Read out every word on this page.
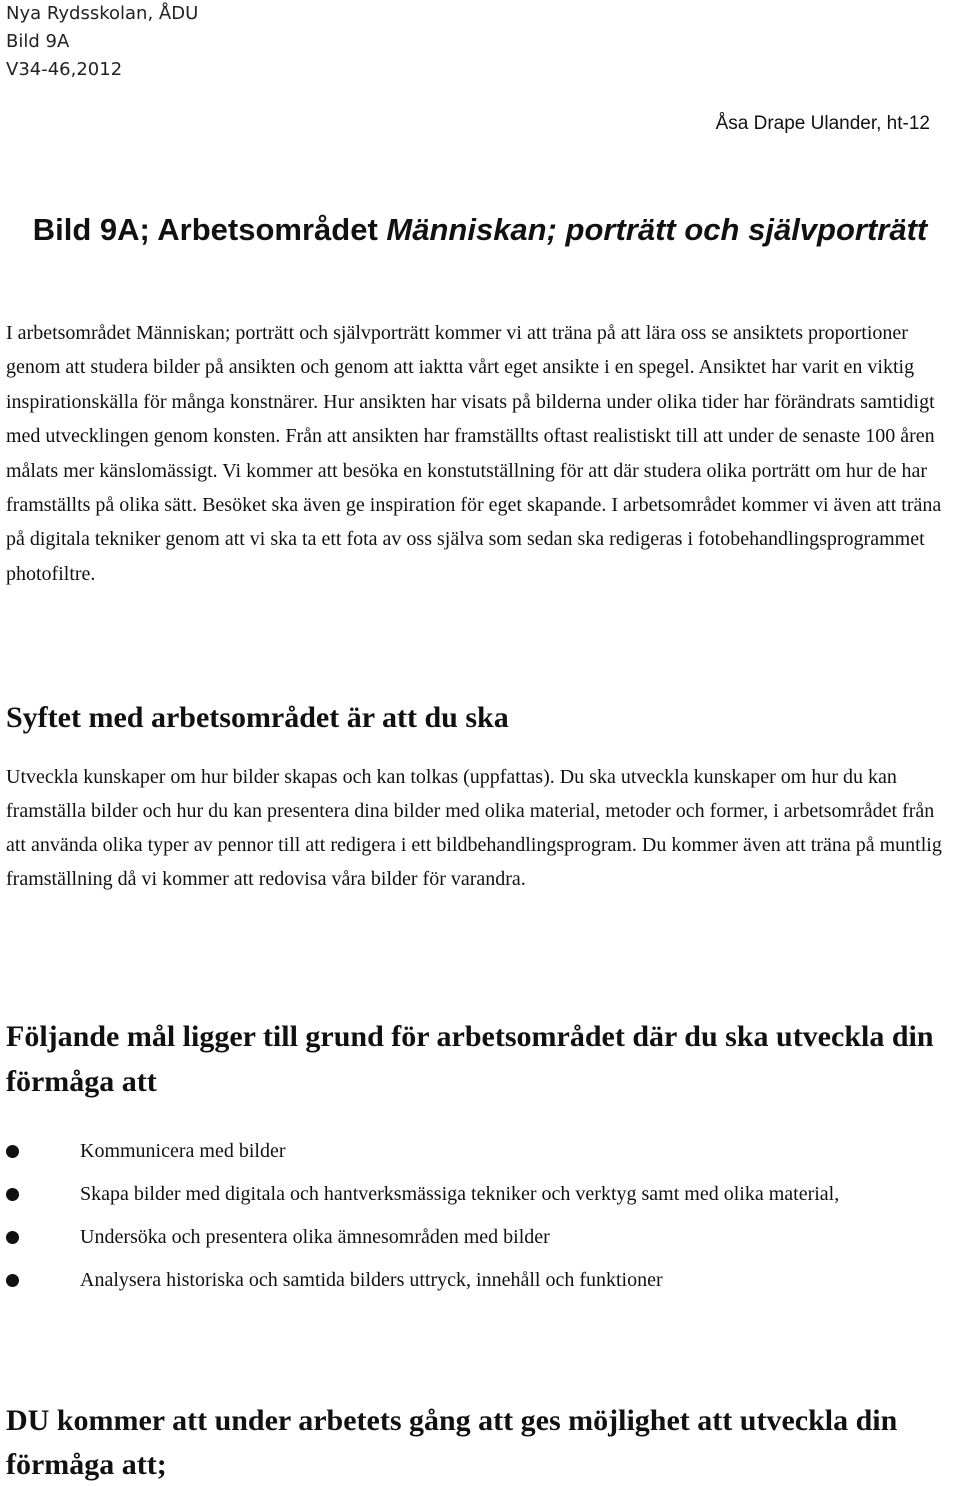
Nya Rydsskolan, ÅDU
Bild 9A
V34-46,2012
Åsa Drape Ulander, ht-12
Bild 9A; Arbetsområdet Människan; porträtt och självporträtt

I arbetsområdet Människan; porträtt och självporträtt kommer vi att träna på att lära oss se ansiktets proportioner genom att studera bilder på ansikten och genom att iaktta vårt eget ansikte i en spegel. Ansiktet har varit en viktig inspirationskälla för många konstnärer. Hur ansikten har visats på bilderna under olika tider har förändrats samtidigt med utvecklingen genom konsten. Från att ansikten har framställts oftast realistiskt till att under de senaste 100 åren målats mer känslomässigt. Vi kommer att besöka en konstutställning för att där studera olika porträtt om hur de har framställts på olika sätt. Besöket ska även ge inspiration för eget skapande. I arbetsområdet kommer vi även att träna på digitala tekniker genom att vi ska ta ett fota av oss själva som sedan ska redigeras i fotobehandlingsprogrammet photofiltre.

Syftet med arbetsområdet är att du ska

Utveckla kunskaper om hur bilder skapas och kan tolkas (uppfattas). Du ska utveckla kunskaper om hur du kan framställa bilder och hur du kan presentera dina bilder med olika material, metoder och former, i arbetsområdet från att använda olika typer av pennor till att redigera i ett bildbehandlingsprogram. Du kommer även att träna på muntlig framställning då vi kommer att redovisa våra bilder för varandra.

Följande mål ligger till grund för arbetsområdet där du ska utveckla din förmåga att
Kommunicera med bilder
Skapa bilder med digitala och hantverksmässiga tekniker och verktyg samt med olika material,
Undersöka och presentera olika ämnesområden med bilder
Analysera historiska och samtida bilders uttryck, innehåll och funktioner
DU kommer att under arbetets gång att ges möjlighet att utveckla din förmåga att;
